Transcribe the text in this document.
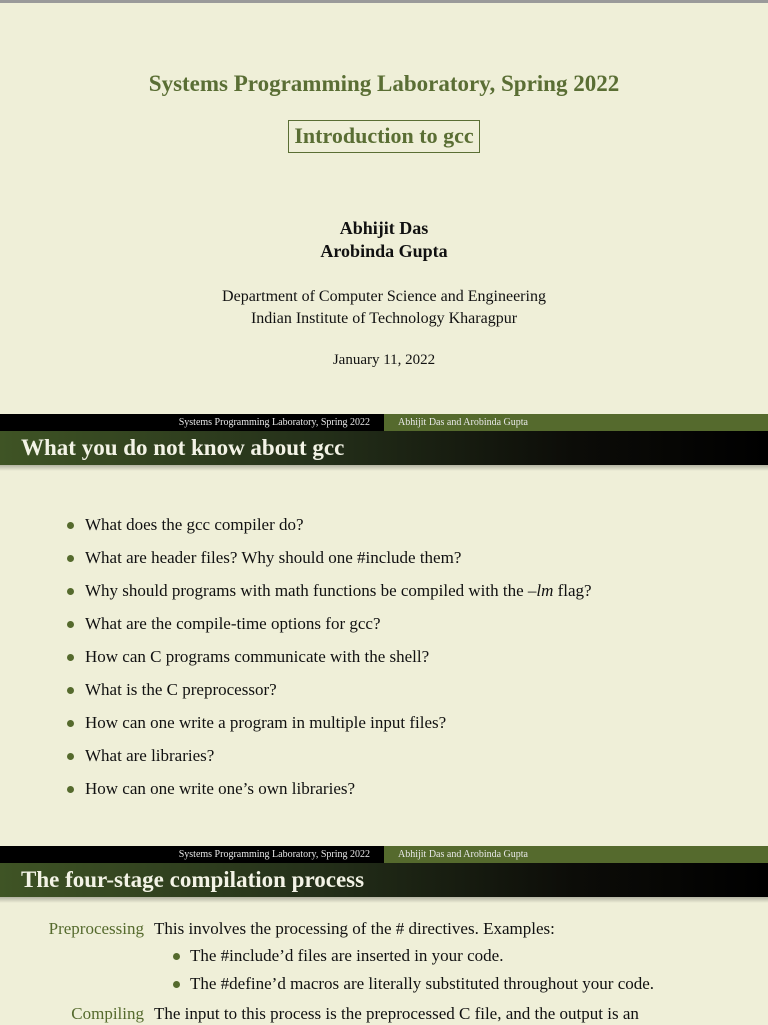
Systems Programming Laboratory, Spring 2022
Introduction to gcc
Abhijit Das
Arobinda Gupta
Department of Computer Science and Engineering
Indian Institute of Technology Kharagpur
January 11, 2022
Systems Programming Laboratory, Spring 2022	Abhijit Das and Arobinda Gupta
What you do not know about gcc
What does the gcc compiler do?
What are header files? Why should one #include them?
Why should programs with math functions be compiled with the –lm flag?
What are the compile-time options for gcc?
How can C programs communicate with the shell?
What is the C preprocessor?
How can one write a program in multiple input files?
What are libraries?
How can one write one’s own libraries?
Systems Programming Laboratory, Spring 2022	Abhijit Das and Arobinda Gupta
The four-stage compilation process
Preprocessing This involves the processing of the # directives. Examples:
The #include’d files are inserted in your code.
The #define’d macros are literally substituted throughout your code.
Compiling The input to this process is the preprocessed C file, and the output is an
